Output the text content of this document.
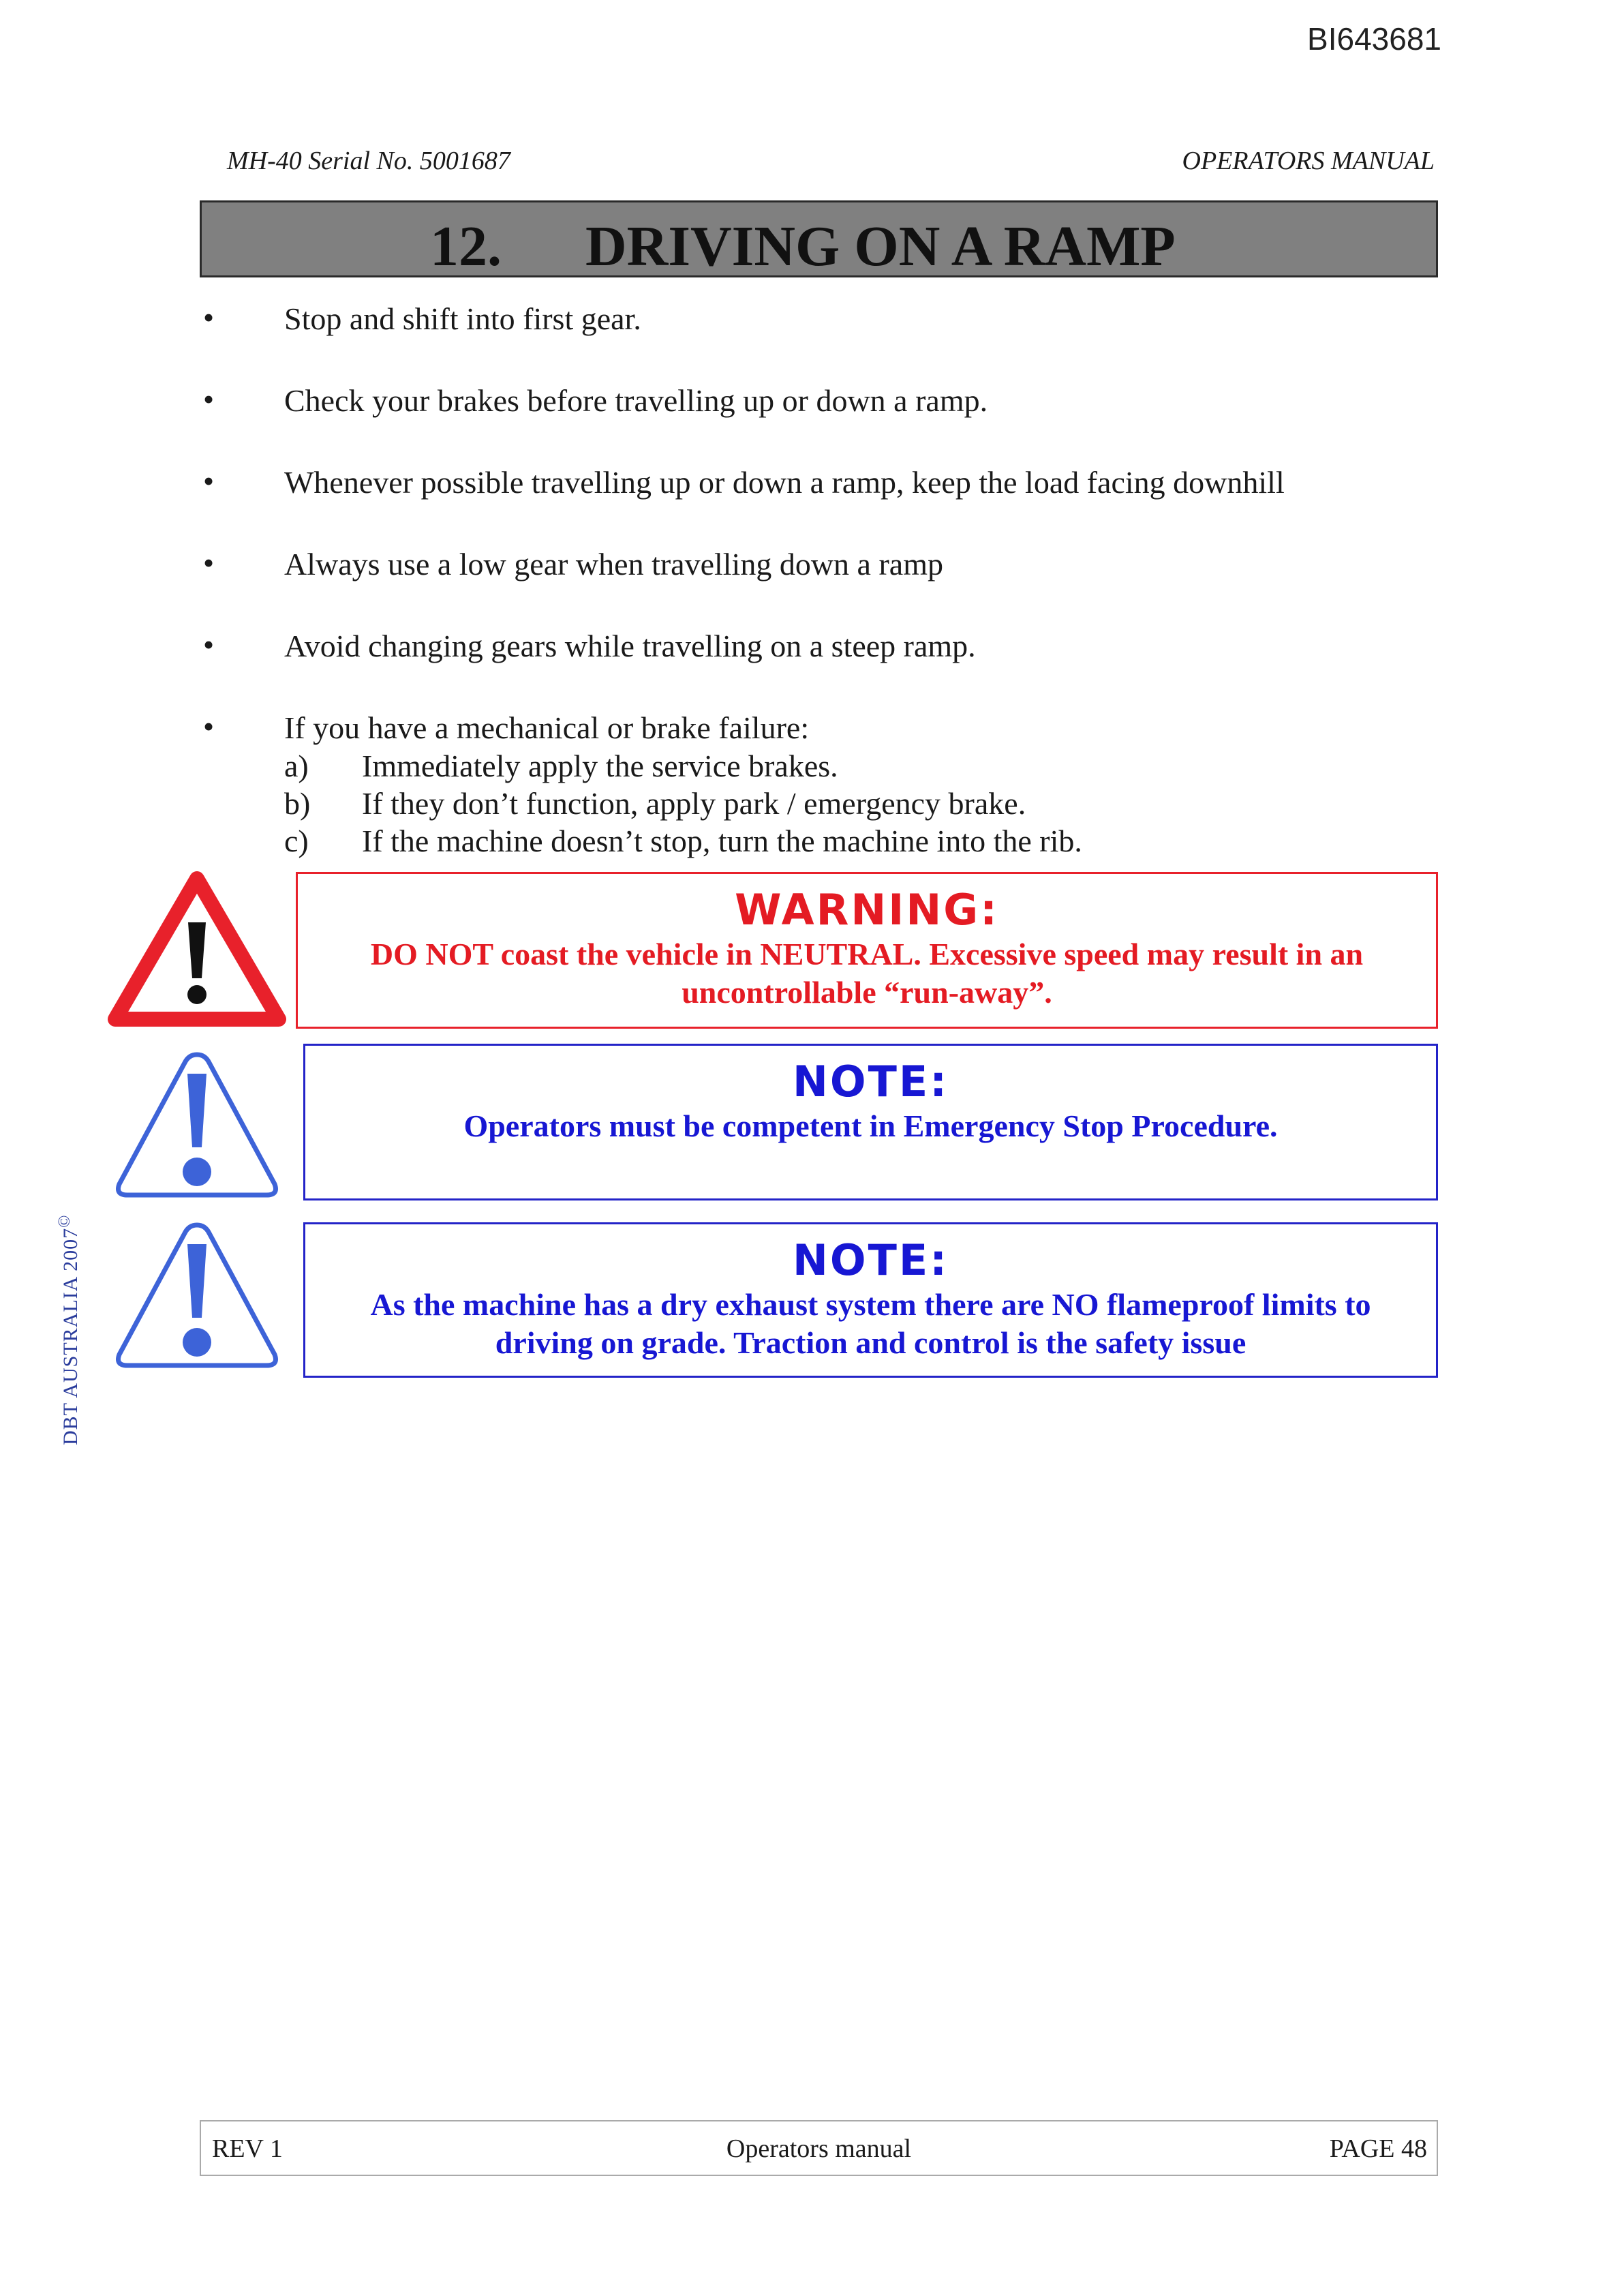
BI643681
MH-40 Serial No. 5001687	OPERATORS MANUAL
12. DRIVING ON A RAMP
• Stop and shift into first gear.
• Check your brakes before travelling up or down a ramp.
• Whenever possible travelling up or down a ramp, keep the load facing downhill
• Always use a low gear when travelling down a ramp
• Avoid changing gears while travelling on a steep ramp.
• If you have a mechanical or brake failure:
a) Immediately apply the service brakes.
b) If they don’t function, apply park / emergency brake.
c) If the machine doesn’t stop, turn the machine into the rib.
WARNING:
DO NOT coast the vehicle in NEUTRAL. Excessive speed may result in an uncontrollable “run-away”.
NOTE:
Operators must be competent in Emergency Stop Procedure.
NOTE:
As the machine has a dry exhaust system there are NO flameproof limits to driving on grade. Traction and control is the safety issue
DBT AUSTRALIA 2007©
REV 1	Operators manual	PAGE 48
